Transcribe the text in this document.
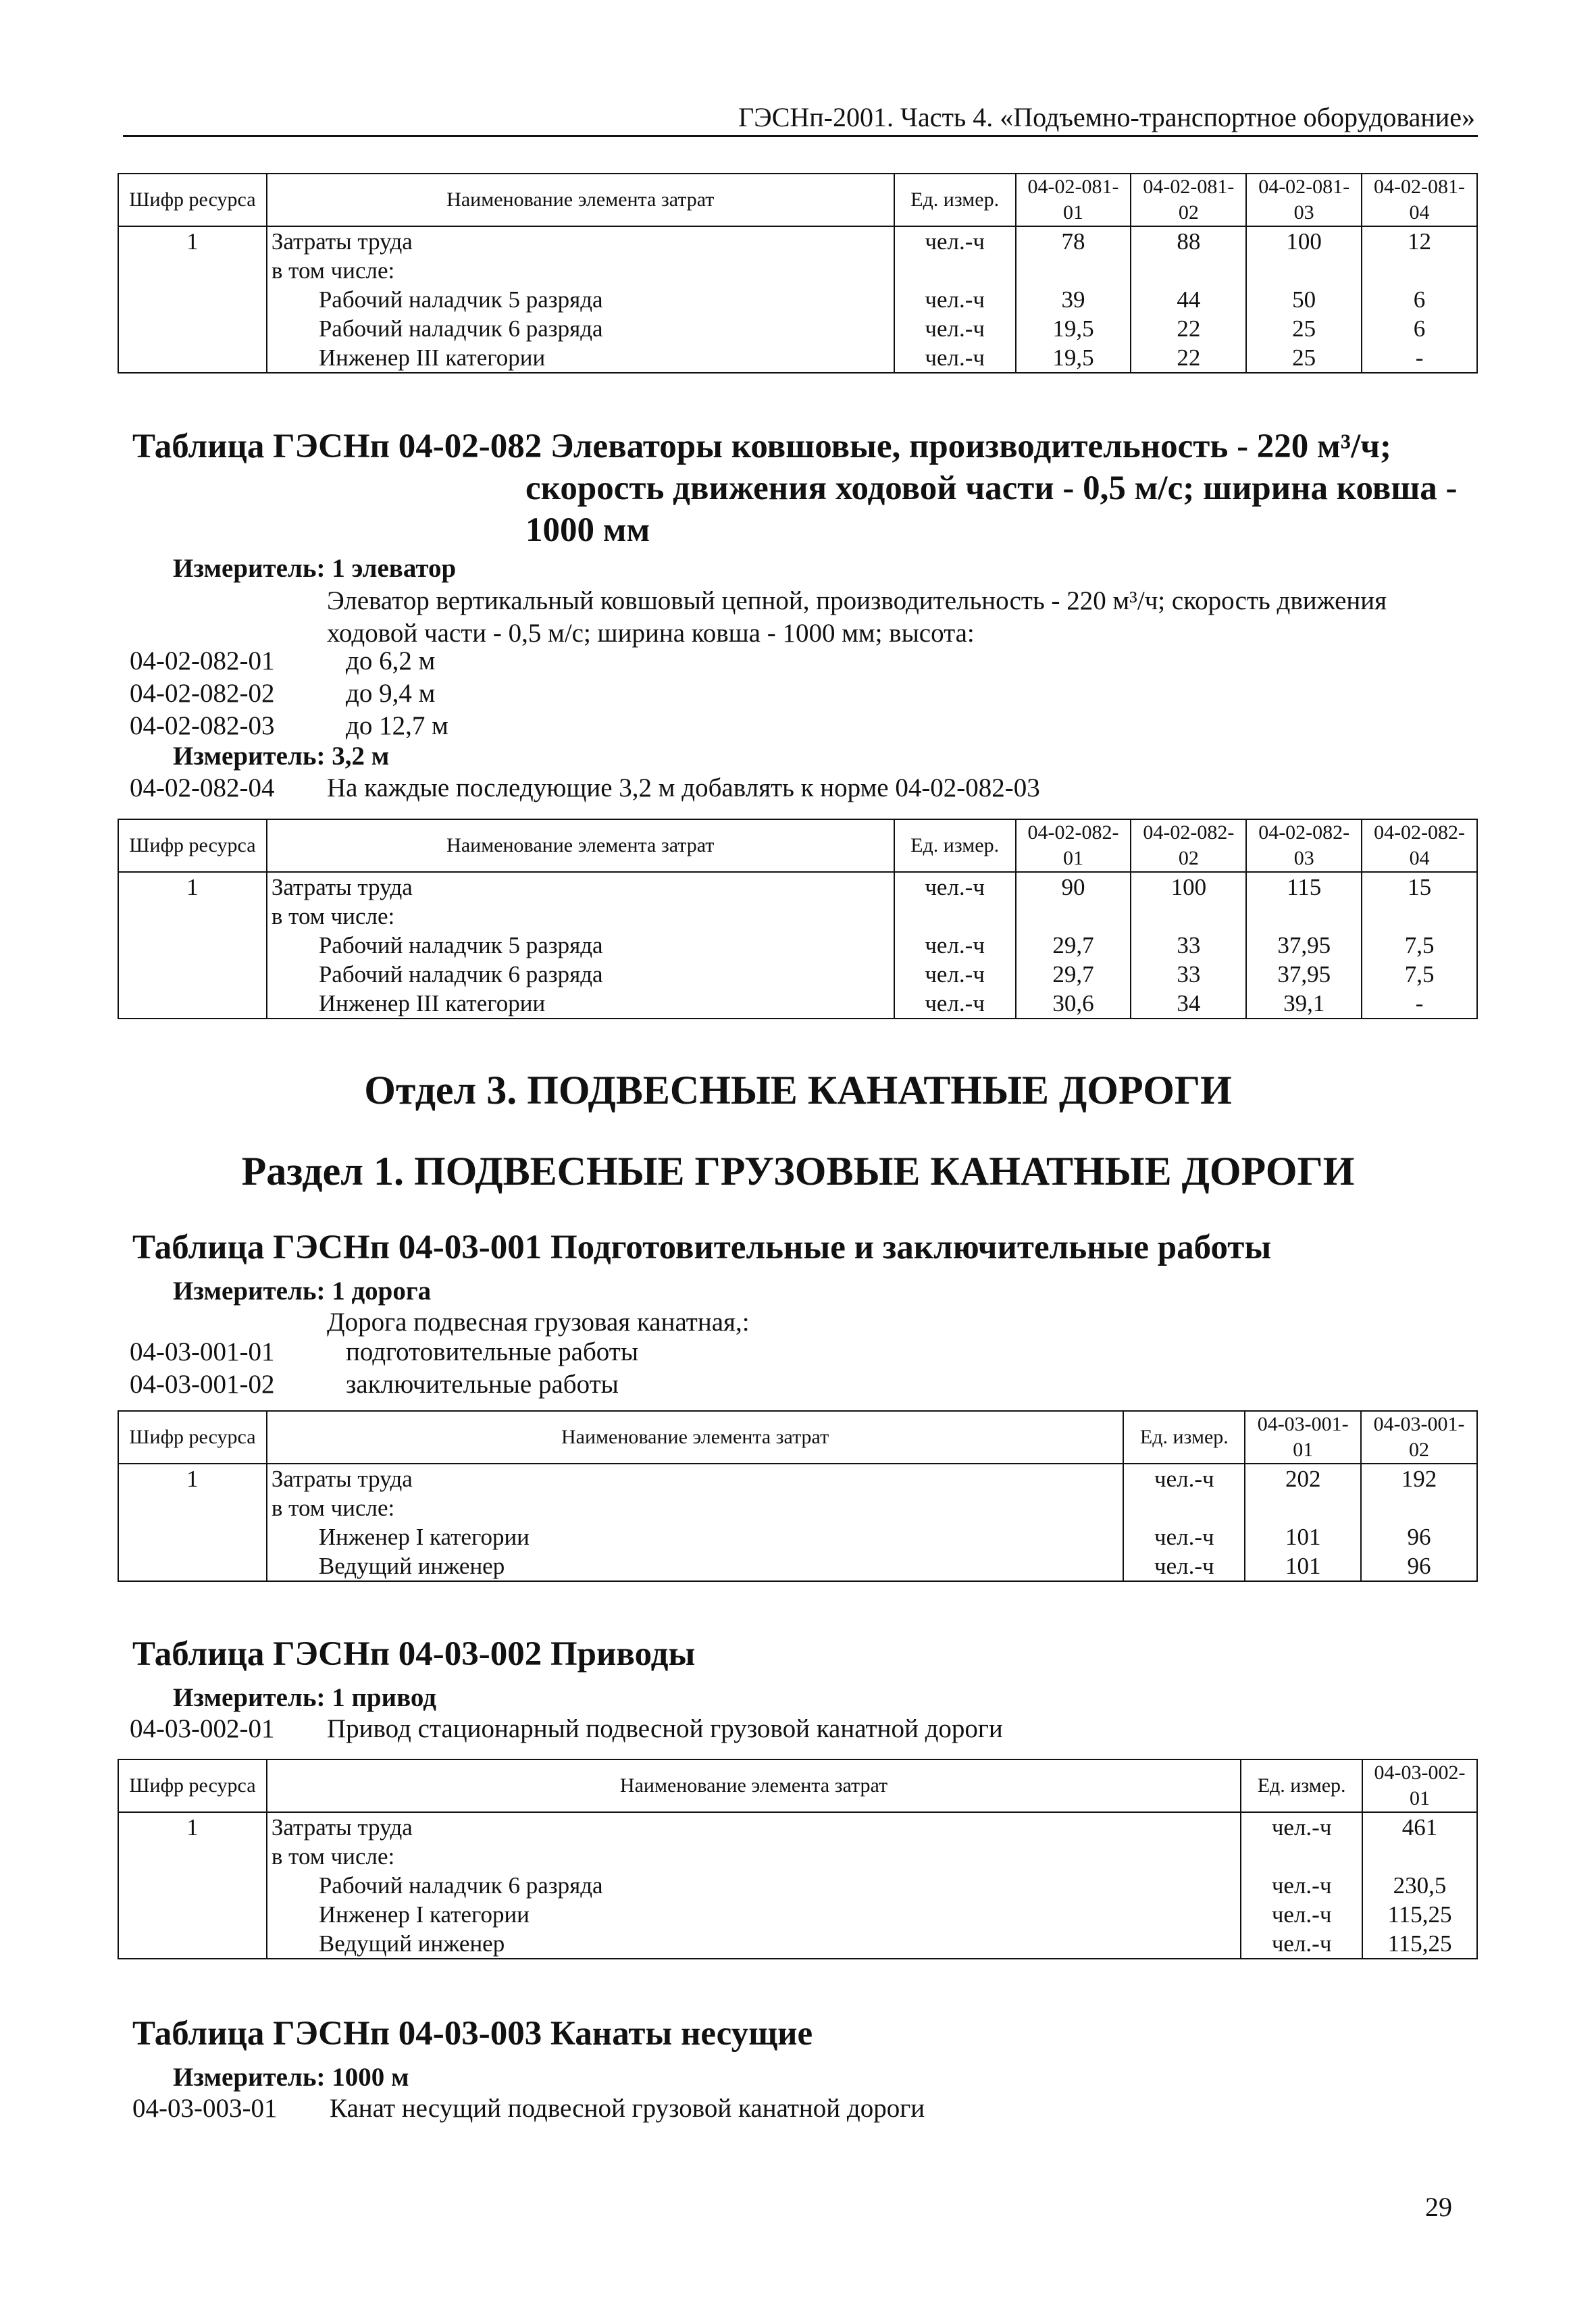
ГЭСНп-2001. Часть 4. «Подъемно-транспортное оборудование»
Шифр ресурса	Наименование элемента затрат	Ед. измер.	04-02-081-01	04-02-081-02	04-02-081-03	04-02-081-04
1	Затраты труда	чел.-ч	78	88	100	12
	в том числе:					
	Рабочий наладчик 5 разряда	чел.-ч	39	44	50	6
	Рабочий наладчик 6 разряда	чел.-ч	19,5	22	25	6
	Инженер III категории	чел.-ч	19,5	22	25	-
Таблица ГЭСНп 04-02-082 Элеваторы ковшовые, производительность - 220 м³/ч;
скорость движения ходовой части - 0,5 м/с; ширина ковша -
1000 мм
Измеритель: 1 элеватор
Элеватор вертикальный ковшовый цепной, производительность - 220 м³/ч; скорость движения
ходовой части - 0,5 м/с; ширина ковша - 1000 мм; высота:
04-02-082-01	до 6,2 м
04-02-082-02	до 9,4 м
04-02-082-03	до 12,7 м
Измеритель: 3,2 м
04-02-082-04	На каждые последующие 3,2 м добавлять к норме 04-02-082-03
Шифр ресурса	Наименование элемента затрат	Ед. измер.	04-02-082-01	04-02-082-02	04-02-082-03	04-02-082-04
1	Затраты труда	чел.-ч	90	100	115	15
	в том числе:					
	Рабочий наладчик 5 разряда	чел.-ч	29,7	33	37,95	7,5
	Рабочий наладчик 6 разряда	чел.-ч	29,7	33	37,95	7,5
	Инженер III категории	чел.-ч	30,6	34	39,1	-
Отдел 3. ПОДВЕСНЫЕ КАНАТНЫЕ ДОРОГИ
Раздел 1. ПОДВЕСНЫЕ ГРУЗОВЫЕ КАНАТНЫЕ ДОРОГИ
Таблица ГЭСНп 04-03-001 Подготовительные и заключительные работы
Измеритель: 1 дорога
Дорога подвесная грузовая канатная,:
04-03-001-01	подготовительные работы
04-03-001-02	заключительные работы
Шифр ресурса	Наименование элемента затрат	Ед. измер.	04-03-001-01	04-03-001-02
1	Затраты труда	чел.-ч	202	192
	в том числе:			
	Инженер I категории	чел.-ч	101	96
	Ведущий инженер	чел.-ч	101	96
Таблица ГЭСНп 04-03-002 Приводы
Измеритель: 1 привод
04-03-002-01	Привод стационарный подвесной грузовой канатной дороги
Шифр ресурса	Наименование элемента затрат	Ед. измер.	04-03-002-01
1	Затраты труда	чел.-ч	461
	в том числе:		
	Рабочий наладчик 6 разряда	чел.-ч	230,5
	Инженер I категории	чел.-ч	115,25
	Ведущий инженер	чел.-ч	115,25
Таблица ГЭСНп 04-03-003 Канаты несущие
Измеритель: 1000 м
04-03-003-01	Канат несущий подвесной грузовой канатной дороги
29
